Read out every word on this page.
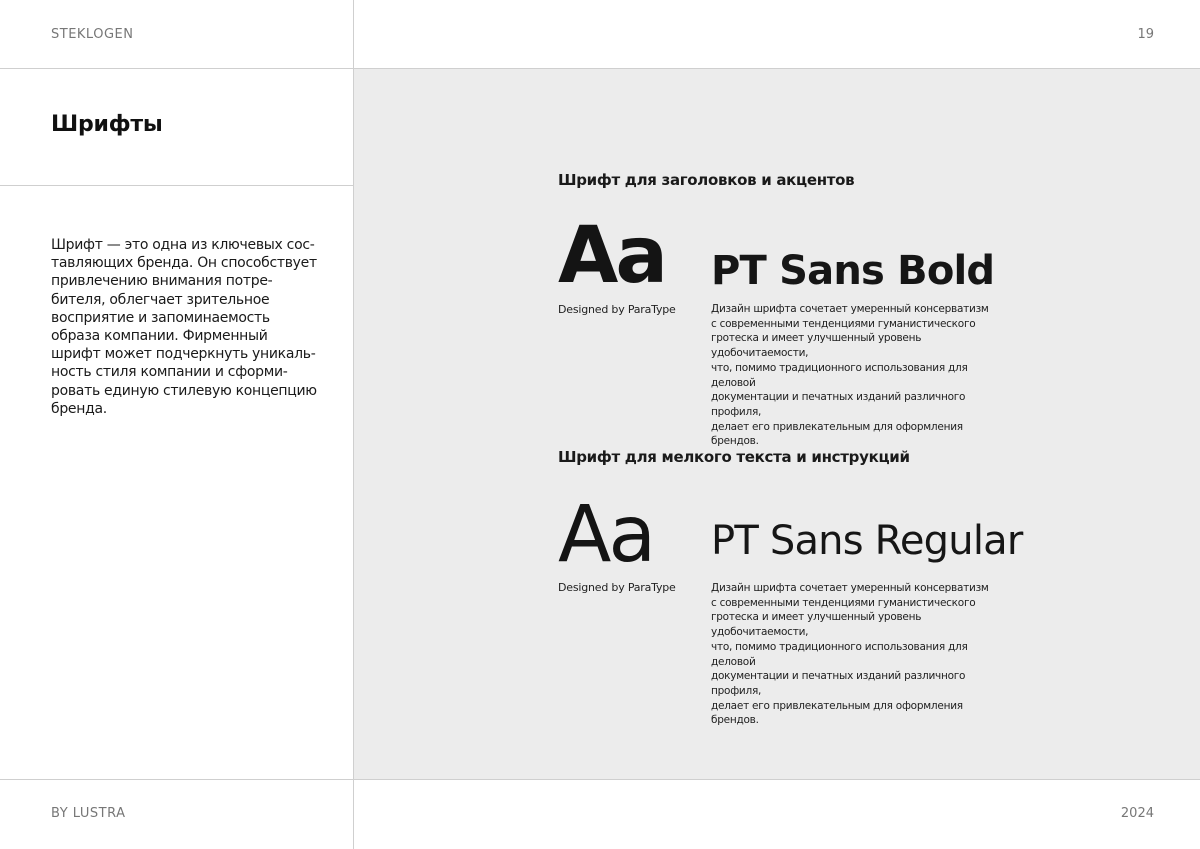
STEKLOGEN	19
Шрифты
Шрифт — это одна из ключевых сос-
тавляющих бренда. Он способствует
привлечению внимания потре-
бителя, облегчает зрительное
восприятие и запоминаемость
образа компании. Фирменный
шрифт может подчеркнуть уникаль-
ность стиля компании и сформи-
ровать единую стилевую концепцию
бренда.
Шрифт для заголовков и акцентов
Aa
Designed by ParaType
PT Sans Bold
Дизайн шрифта сочетает умеренный консерватизм
с современными тенденциями гуманистического
гротеска и имеет улучшенный уровень удобочитаемости,
что, помимо традиционного использования для деловой
документации и печатных изданий различного профиля,
делает его привлекательным для оформления брендов.
Шрифт для мелкого текста и инструкций
Aa
Designed by ParaType
PT Sans Regular
Дизайн шрифта сочетает умеренный консерватизм
с современными тенденциями гуманистического
гротеска и имеет улучшенный уровень удобочитаемости,
что, помимо традиционного использования для деловой
документации и печатных изданий различного профиля,
делает его привлекательным для оформления брендов.
BY LUSTRA	2024
